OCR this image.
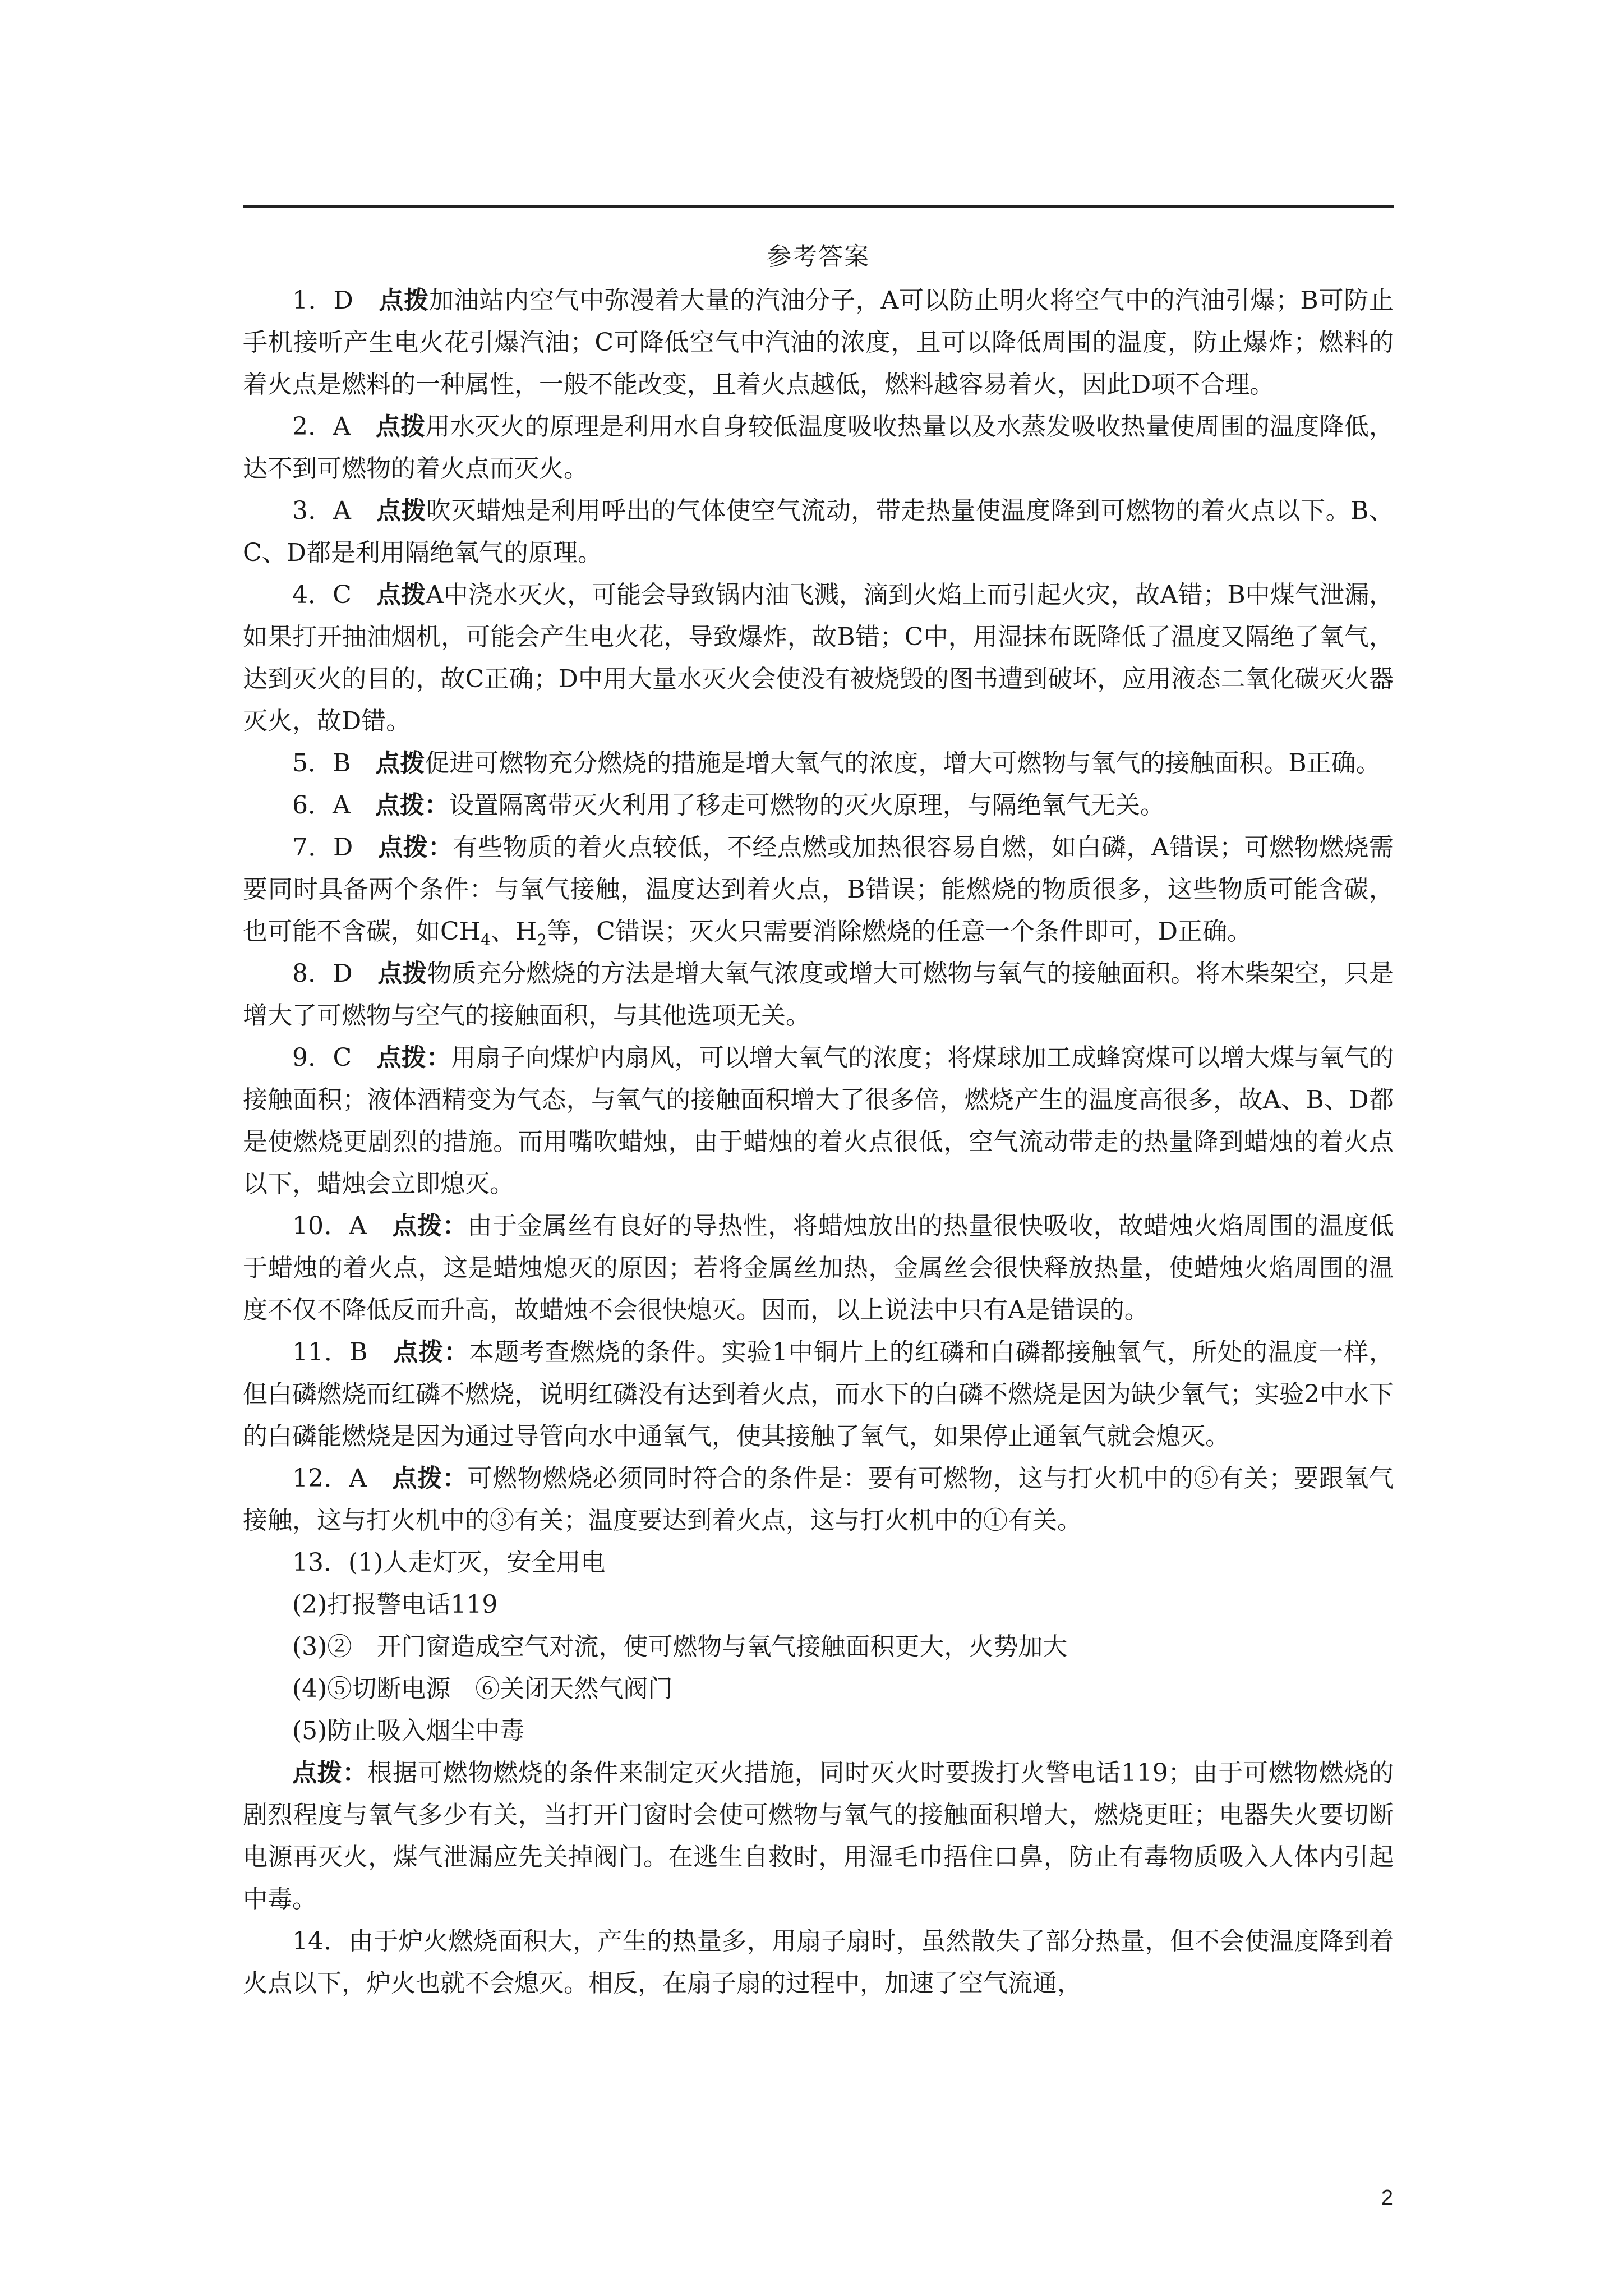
参考答案

1．D　 点拨加油站内空气中弥漫着大量的汽油分子，A可以防止明火将空气中的汽油引爆；B可防止手机接听产生电火花引爆汽油；C可降低空气中汽油的浓度，且可以降低周围的温度，防止爆炸；燃料的着火点是燃料的一种属性，一般不能改变，且着火点越低，燃料越容易着火，因此D项不合理。

2．A　 点拨用水灭火的原理是利用水自身较低温度吸收热量以及水蒸发吸收热量使周围的温度降低，达不到可燃物的着火点而灭火。

3．A　 点拨吹灭蜡烛是利用呼出的气体使空气流动，带走热量使温度降到可燃物的着火点以下。B、C、D都是利用隔绝氧气的原理。

4．C　 点拨A中浇水灭火，可能会导致锅内油飞溅，滴到火焰上而引起火灾，故A错；B中煤气泄漏，如果打开抽油烟机，可能会产生电火花，导致爆炸，故B错；C中，用湿抹布既降低了温度又隔绝了氧气，达到灭火的目的，故C正确；D中用大量水灭火会使没有被烧毁的图书遭到破坏，应用液态二氧化碳灭火器灭火，故D错。

5．B　 点拨促进可燃物充分燃烧的措施是增大氧气的浓度，增大可燃物与氧气的接触面积。B正确。

6．A　 点拨：设置隔离带灭火利用了移走可燃物的灭火原理，与隔绝氧气无关。

7．D　 点拨：有些物质的着火点较低，不经点燃或加热很容易自燃，如白磷，A错误；可燃物燃烧需要同时具备两个条件：与氧气接触，温度达到着火点，B错误；能燃烧的物质很多，这些物质可能含碳，也可能不含碳，如$CH_4$、$H_2$等，C错误；灭火只需要消除燃烧的任意一个条件即可，D正确。

8．D　 点拨物质充分燃烧的方法是增大氧气浓度或增大可燃物与氧气的接触面积。将木柴架空，只是增大了可燃物与空气的接触面积，与其他选项无关。

9．C　 点拨：用扇子向煤炉内扇风，可以增大氧气的浓度；将煤球加工成蜂窝煤可以增大煤与氧气的接触面积；液体酒精变为气态，与氧气的接触面积增大了很多倍，燃烧产生的温度高很多，故A、B、D都是使燃烧更剧烈的措施。而用嘴吹蜡烛，由于蜡烛的着火点很低，空气流动带走的热量降到蜡烛的着火点以下，蜡烛会立即熄灭。

10．A　 点拨：由于金属丝有良好的导热性，将蜡烛放出的热量很快吸收，故蜡烛火焰周围的温度低于蜡烛的着火点，这是蜡烛熄灭的原因；若将金属丝加热，金属丝会很快释放热量，使蜡烛火焰周围的温度不仅不降低反而升高，故蜡烛不会很快熄灭。因而，以上说法中只有A是错误的。

11．B　 点拨：本题考查燃烧的条件。实验1中铜片上的红磷和白磷都接触氧气，所处的温度一样，但白磷燃烧而红磷不燃烧，说明红磷没有达到着火点，而水下的白磷不燃烧是因为缺少氧气；实验2中水下的白磷能燃烧是因为通过导管向水中通氧气，使其接触了氧气，如果停止通氧气就会熄灭。

12．A　 点拨：可燃物燃烧必须同时符合的条件是：要有可燃物，这与打火机中的⑤有关；要跟氧气接触，这与打火机中的③有关；温度要达到着火点，这与打火机中的①有关。

13．(1)人走灯灭，安全用电

(2)打报警电话119

(3)②　开门窗造成空气对流，使可燃物与氧气接触面积更大，火势加大

(4)⑤切断电源　⑥关闭天然气阀门

(5)防止吸入烟尘中毒

点拨：根据可燃物燃烧的条件来制定灭火措施，同时灭火时要拨打火警电话119；由于可燃物燃烧的剧烈程度与氧气多少有关，当打开门窗时会使可燃物与氧气的接触面积增大，燃烧更旺；电器失火要切断电源再灭火，煤气泄漏应先关掉阀门。在逃生自救时，用湿毛巾捂住口鼻，防止有毒物质吸入人体内引起中毒。

14．由于炉火燃烧面积大，产生的热量多，用扇子扇时，虽然散失了部分热量，但不会使温度降到着火点以下，炉火也就不会熄灭。相反，在扇子扇的过程中，加速了空气流通，

2
